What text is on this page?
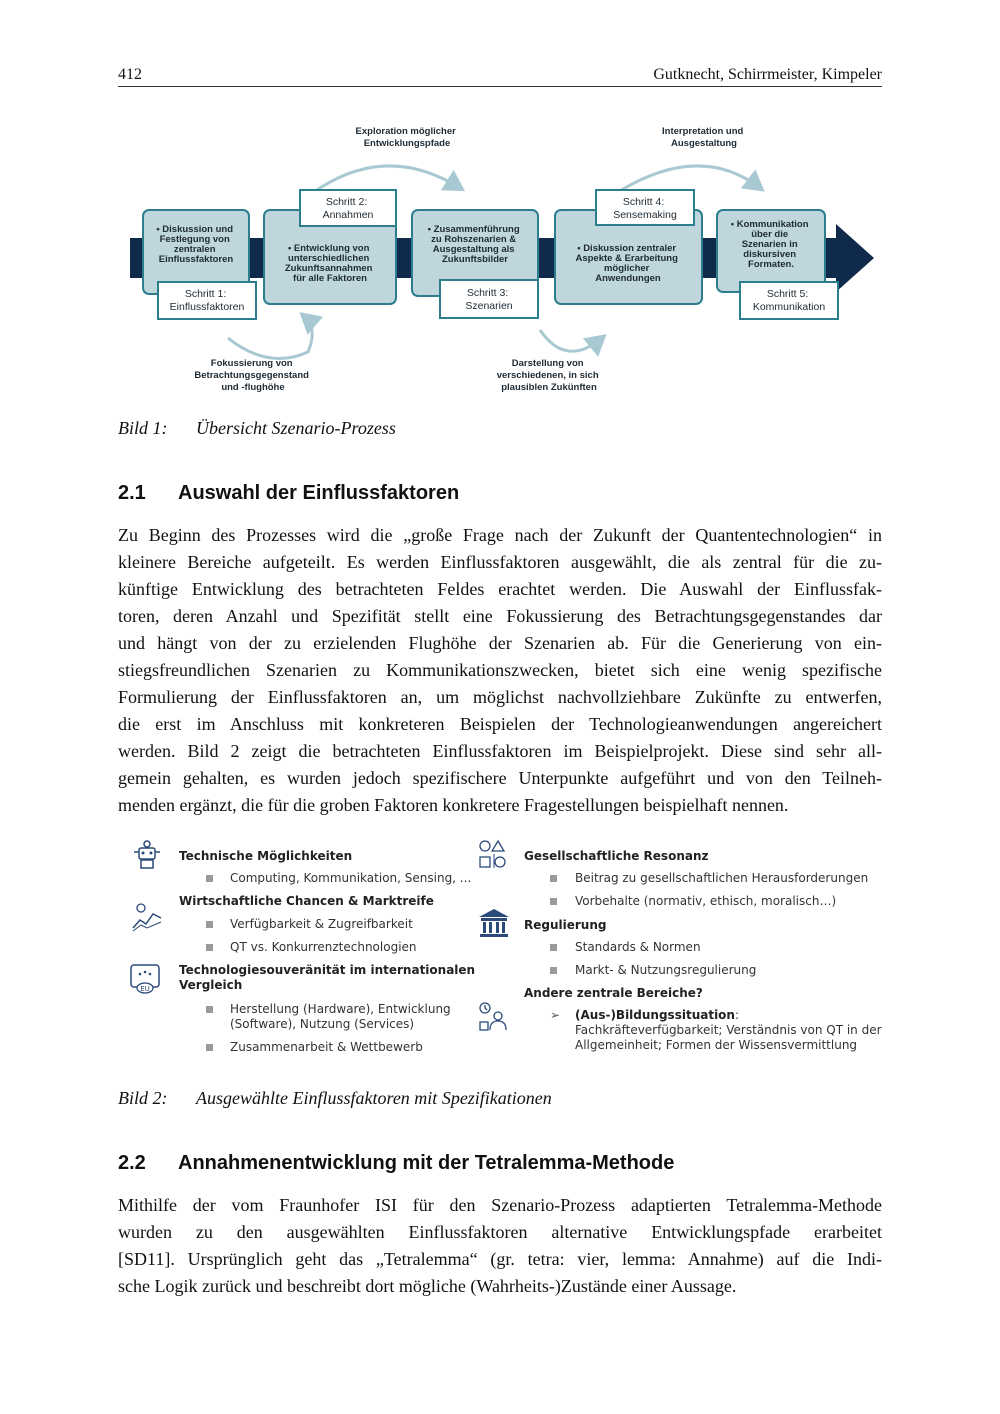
412	Gutknecht, Schirrmeister, Kimpeler
Exploration möglicher Entwicklungspfade
Interpretation und Ausgestaltung
Fokussierung von Betrachtungsgegenstand und -flughöhe
Darstellung von verschiedenen, in sich plausiblen Zukünften
• Diskussion und Festlegung von zentralen Einflussfaktoren
• Entwicklung von unterschiedlichen Zukunftsannahmen für alle Faktoren
• Zusammenführung zu Rohszenarien & Ausgestaltung als Zukunftsbilder
• Diskussion zentraler Aspekte & Erarbeitung möglicher Anwendungen
• Kommunikation über die Szenarien in diskursiven Formaten.
Schritt 1: Einflussfaktoren
Schritt 2: Annahmen
Schritt 3: Szenarien
Schritt 4: Sensemaking
Schritt 5: Kommunikation
Bild 1: Übersicht Szenario-Prozess
2.1 Auswahl der Einflussfaktoren
Zu Beginn des Prozesses wird die „große Frage nach der Zukunft der Quantentechnologien“ in
kleinere Bereiche aufgeteilt. Es werden Einflussfaktoren ausgewählt, die als zentral für die zu-
künftige Entwicklung des betrachteten Feldes erachtet werden. Die Auswahl der Einflussfak-
toren, deren Anzahl und Spezifität stellt eine Fokussierung des Betrachtungsgegenstandes dar
und hängt von der zu erzielenden Flughöhe der Szenarien ab. Für die Generierung von ein-
stiegsfreundlichen Szenarien zu Kommunikationszwecken, bietet sich eine wenig spezifische
Formulierung der Einflussfaktoren an, um möglichst nachvollziehbare Zukünfte zu entwerfen,
die erst im Anschluss mit konkreteren Beispielen der Technologieanwendungen angereichert
werden. Bild 2 zeigt die betrachteten Einflussfaktoren im Beispielprojekt. Diese sind sehr all-
gemein gehalten, es wurden jedoch spezifischere Unterpunkte aufgeführt und von den Teilneh-
menden ergänzt, die für die groben Faktoren konkretere Fragestellungen beispielhaft nennen.
EU
Technische Möglichkeiten
Computing, Kommunikation, Sensing, ...
Wirtschaftliche Chancen & Marktreife
Verfügbarkeit & Zugreifbarkeit
QT vs. Konkurrenztechnologien
Technologiesouveränität im internationalen
Vergleich
Herstellung (Hardware), Entwicklung
(Software), Nutzung (Services)
Zusammenarbeit & Wettbewerb
Gesellschaftliche Resonanz
Beitrag zu gesellschaftlichen Herausforderungen
Vorbehalte (normativ, ethisch, moralisch…)
Regulierung
Standards & Normen
Markt- & Nutzungsregulierung
Andere zentrale Bereiche?
➢ (Aus-)Bildungssituation:
Fachkräfteverfügbarkeit; Verständnis von QT in der
Allgemeinheit; Formen der Wissensvermittlung
Bild 2: Ausgewählte Einflussfaktoren mit Spezifikationen
2.2 Annahmenentwicklung mit der Tetralemma-Methode
Mithilfe der vom Fraunhofer ISI für den Szenario-Prozess adaptierten Tetralemma-Methode
wurden zu den ausgewählten Einflussfaktoren alternative Entwicklungspfade erarbeitet
[SD11]. Ursprünglich geht das „Tetralemma“ (gr. tetra: vier, lemma: Annahme) auf die Indi-
sche Logik zurück und beschreibt dort mögliche (Wahrheits-)Zustände einer Aussage.
